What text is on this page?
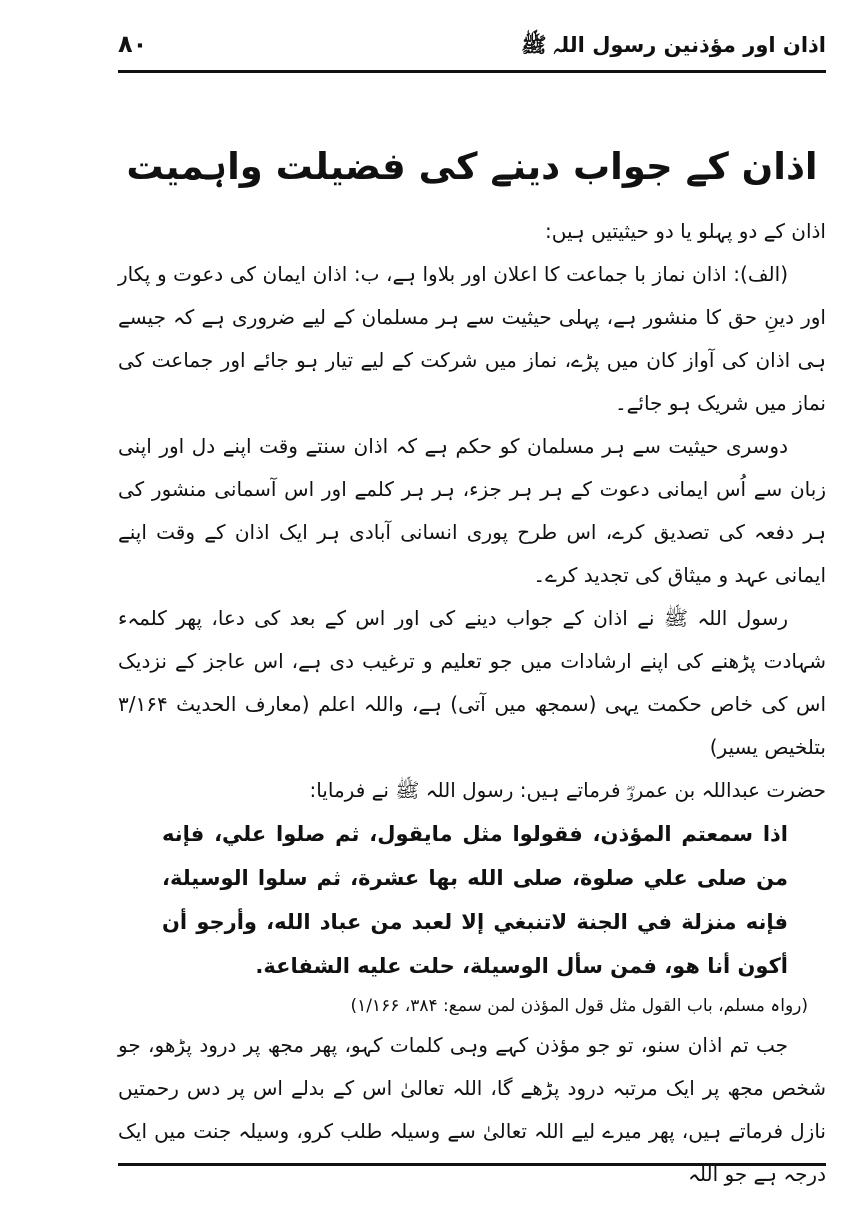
اذان اور مؤذنین رسول اللہ ﷺ
۸۰
اذان کے جواب دینے کی فضیلت واہمیت

اذان کے دو پہلو یا دو حیثیتیں ہیں:

(الف): اذان نماز با جماعت کا اعلان اور بلاوا ہے، ب: اذان ایمان کی دعوت و پکار اور دینِ حق کا منشور ہے، پہلی حیثیت سے ہر مسلمان کے لیے ضروری ہے کہ جیسے ہی اذان کی آواز کان میں پڑے، نماز میں شرکت کے لیے تیار ہو جائے اور جماعت کی نماز میں شریک ہو جائے۔

دوسری حیثیت سے ہر مسلمان کو حکم ہے کہ اذان سنتے وقت اپنے دل اور اپنی زبان سے اُس ایمانی دعوت کے ہر ہر جزء، ہر ہر کلمے اور اس آسمانی منشور کی ہر دفعہ کی تصدیق کرے، اس طرح پوری انسانی آبادی ہر ایک اذان کے وقت اپنے ایمانی عہد و میثاق کی تجدید کرے۔

رسول اللہ ﷺ نے اذان کے جواب دینے کی اور اس کے بعد کی دعا، پھر کلمہء شہادت پڑھنے کی اپنے ارشادات میں جو تعلیم و ترغیب دی ہے، اس عاجز کے نزدیک اس کی خاص حکمت یہی (سمجھ میں آتی) ہے، واللہ اعلم (معارف الحدیث ۳/۱۶۴ بتلخیص یسیر)

حضرت عبداللہ بن عمروؓ فرماتے ہیں: رسول اللہ ﷺ نے فرمایا:

اذا سمعتم المؤذن، فقولوا مثل مايقول، ثم صلوا علي، فإنه من صلى علي صلوة، صلى الله بها عشرة، ثم سلوا الوسيلة، فإنه منزلة في الجنة لاتنبغي إلا لعبد من عباد الله، وأرجو أن أكون أنا هو، فمن سأل الوسيلة، حلت عليه الشفاعة.

(رواہ مسلم، باب القول مثل قول المؤذن لمن سمع: ۳۸۴، ۱/۱۶۶)

جب تم اذان سنو، تو جو مؤذن کہے وہی کلمات کہو، پھر مجھ پر درود پڑھو، جو شخص مجھ پر ایک مرتبہ درود پڑھے گا، اللہ تعالیٰ اس کے بدلے اس پر دس رحمتیں نازل فرماتے ہیں، پھر میرے لیے اللہ تعالیٰ سے وسیلہ طلب کرو، وسیلہ جنت میں ایک درجہ ہے جو اللہ
